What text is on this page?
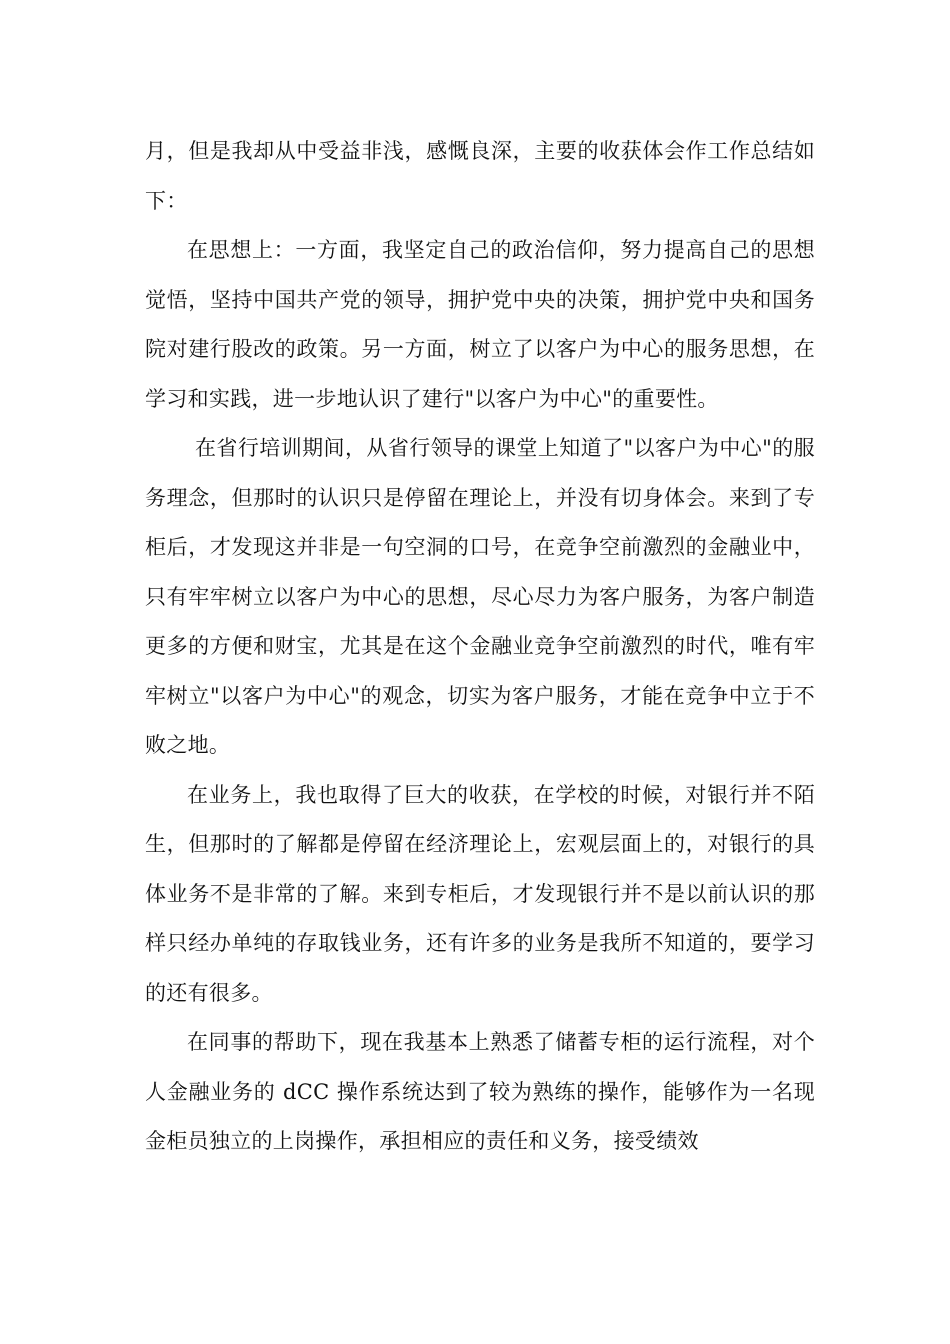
月，但是我却从中受益非浅，感慨良深，主要的收获体会作工作总结如下：

在思想上：一方面，我坚定自己的政治信仰，努力提高自己的思想觉悟，坚持中国共产党的领导，拥护党中央的决策，拥护党中央和国务院对建行股改的政策。另一方面，树立了以客户为中心的服务思想，在学习和实践，进一步地认识了建行"以客户为中心"的重要性。

在省行培训期间，从省行领导的课堂上知道了"以客户为中心"的服务理念，但那时的认识只是停留在理论上，并没有切身体会。来到了专柜后，才发现这并非是一句空洞的口号，在竞争空前激烈的金融业中，只有牢牢树立以客户为中心的思想，尽心尽力为客户服务，为客户制造更多的方便和财宝，尤其是在这个金融业竞争空前激烈的时代，唯有牢牢树立"以客户为中心"的观念，切实为客户服务，才能在竞争中立于不败之地。

在业务上，我也取得了巨大的收获，在学校的时候，对银行并不陌生，但那时的了解都是停留在经济理论上，宏观层面上的，对银行的具体业务不是非常的了解。来到专柜后，才发现银行并不是以前认识的那样只经办单纯的存取钱业务，还有许多的业务是我所不知道的，要学习的还有很多。

在同事的帮助下，现在我基本上熟悉了储蓄专柜的运行流程，对个人金融业务的 dCC 操作系统达到了较为熟练的操作，能够作为一名现金柜员独立的上岗操作，承担相应的责任和义务，接受绩效
